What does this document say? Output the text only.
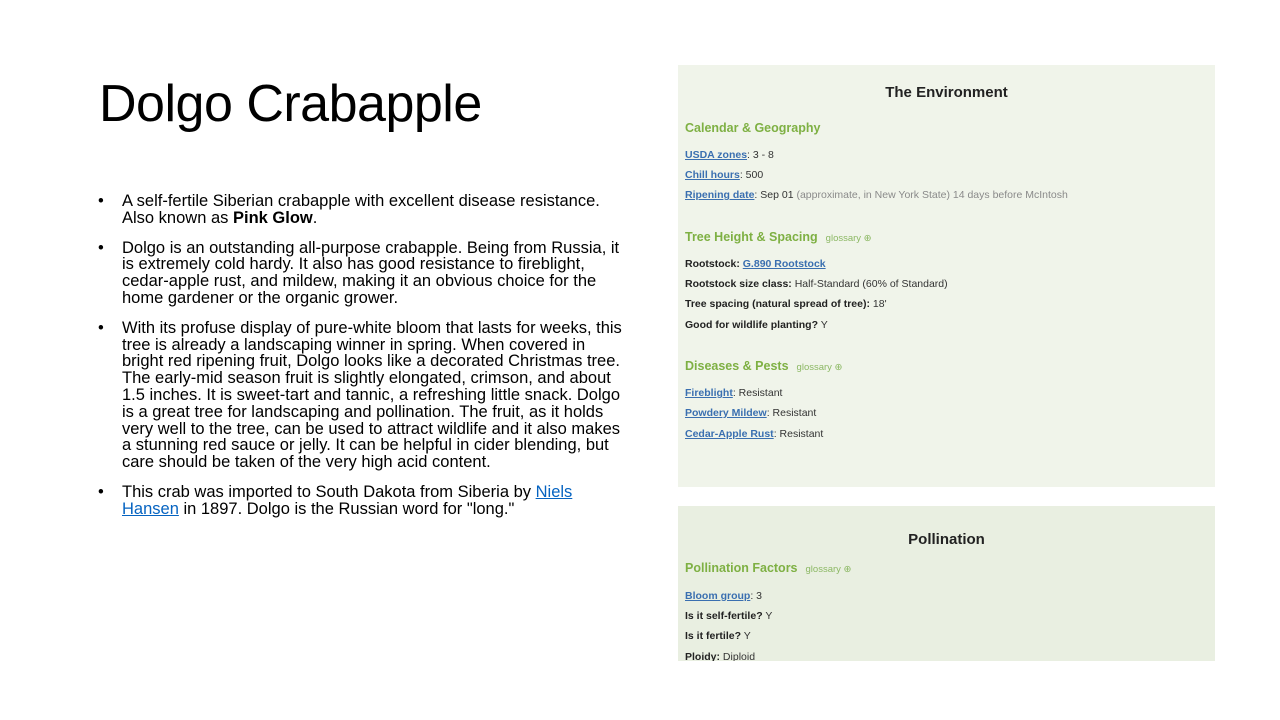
Dolgo Crabapple
• A self-fertile Siberian crabapple with excellent disease resistance. Also known as Pink Glow.
• Dolgo is an outstanding all-purpose crabapple. Being from Russia, it is extremely cold hardy. It also has good resistance to fireblight, cedar-apple rust, and mildew, making it an obvious choice for the home gardener or the organic grower.
• With its profuse display of pure-white bloom that lasts for weeks, this tree is already a landscaping winner in spring. When covered in bright red ripening fruit, Dolgo looks like a decorated Christmas tree. The early-mid season fruit is slightly elongated, crimson, and about 1.5 inches. It is sweet-tart and tannic, a refreshing little snack. Dolgo is a great tree for landscaping and pollination. The fruit, as it holds very well to the tree, can be used to attract wildlife and it also makes a stunning red sauce or jelly. It can be helpful in cider blending, but care should be taken of the very high acid content.
• This crab was imported to South Dakota from Siberia by Niels Hansen in 1897. Dolgo is the Russian word for "long."
The Environment
Calendar & Geography
USDA zones: 3 - 8
Chill hours: 500
Ripening date: Sep 01 (approximate, in New York State) 14 days before McIntosh
Tree Height & Spacing glossary ⊕
Rootstock: G.890 Rootstock
Rootstock size class: Half-Standard (60% of Standard)
Tree spacing (natural spread of tree): 18'
Good for wildlife planting? Y
Diseases & Pests glossary ⊕
Fireblight: Resistant
Powdery Mildew: Resistant
Cedar-Apple Rust: Resistant
Pollination
Pollination Factors glossary ⊕
Bloom group: 3
Is it self-fertile? Y
Is it fertile? Y
Ploidy: Diploid
